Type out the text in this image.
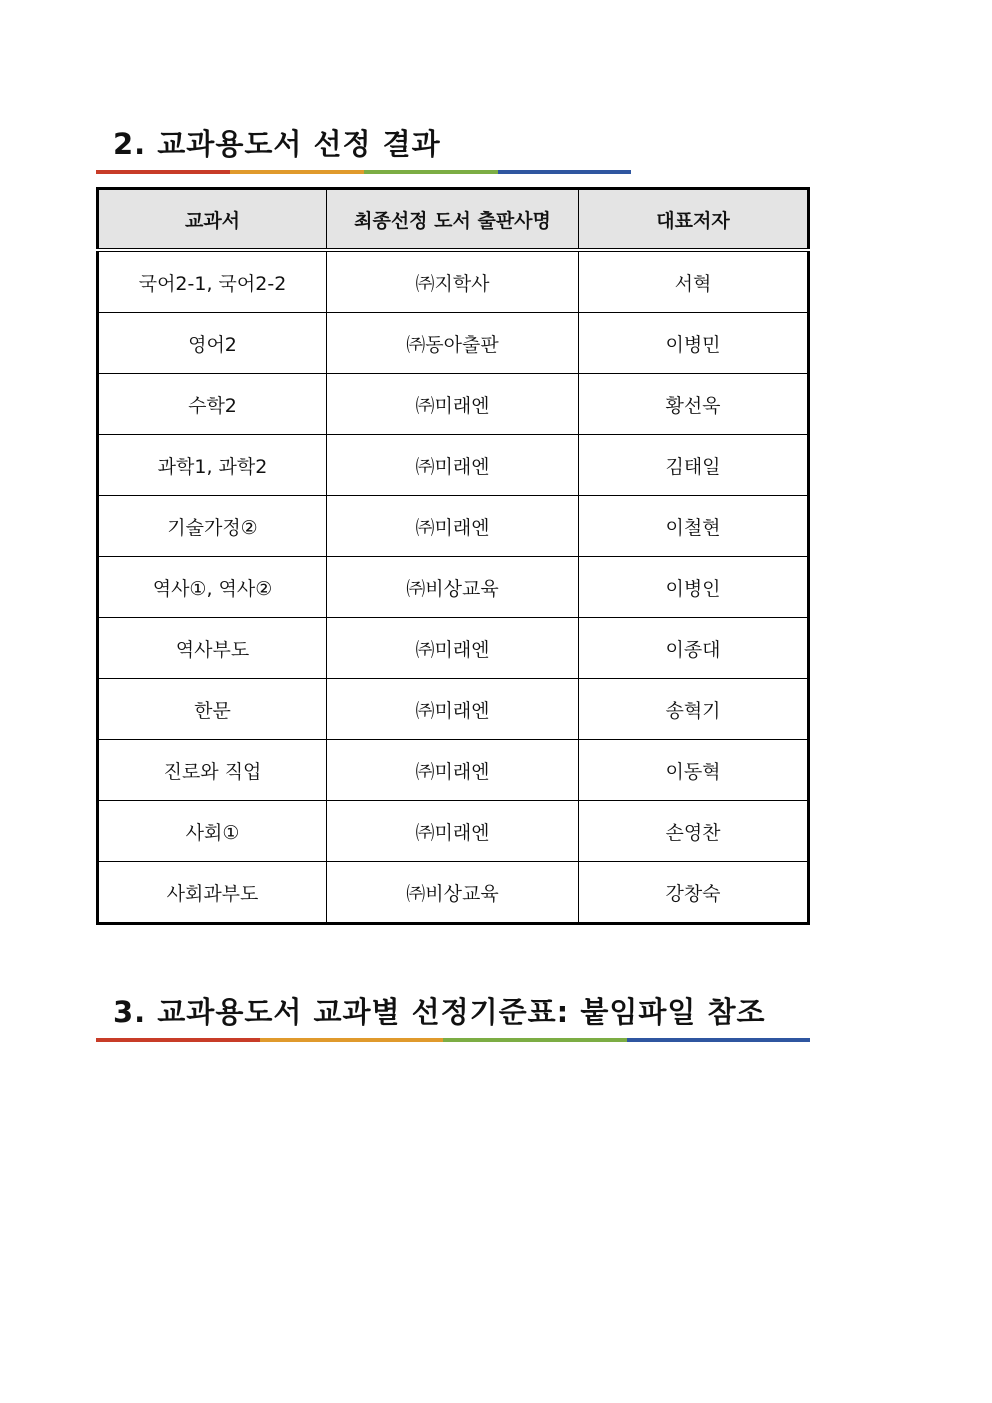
2. 교과용도서 선정 결과
교과서	최종선정 도서 출판사명	대표저자
국어2-1, 국어2-2	㈜지학사	서혁
영어2	㈜동아출판	이병민
수학2	㈜미래엔	황선욱
과학1, 과학2	㈜미래엔	김태일
기술가정②	㈜미래엔	이철현
역사①, 역사②	㈜비상교육	이병인
역사부도	㈜미래엔	이종대
한문	㈜미래엔	송혁기
진로와 직업	㈜미래엔	이동혁
사회①	㈜미래엔	손영찬
사회과부도	㈜비상교육	강창숙
3. 교과용도서 교과별 선정기준표: 붙임파일 참조
